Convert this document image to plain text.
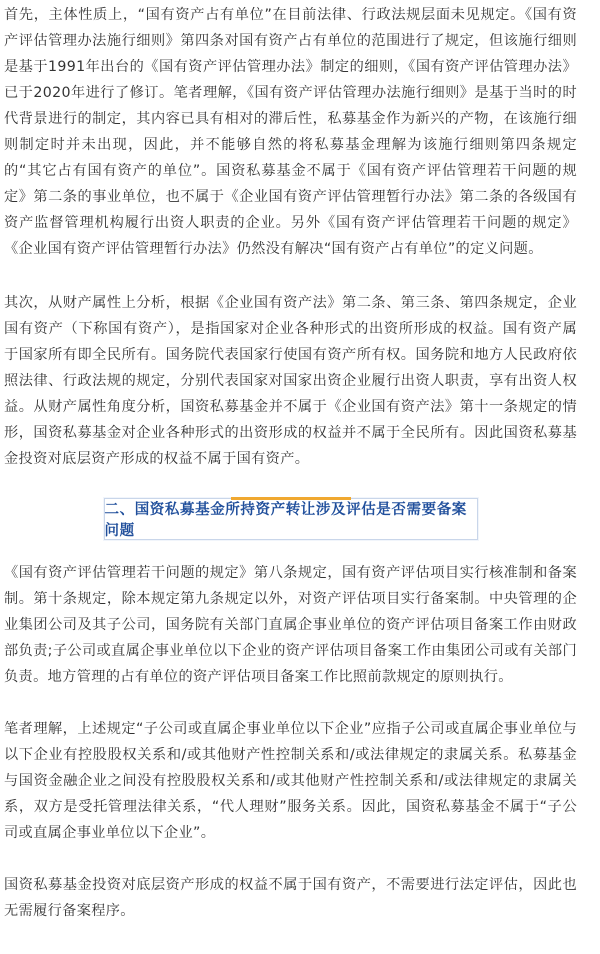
首先，主体性质上，“国有资产占有单位”在目前法律、行政法规层面未见规定。《国有资产评估管理办法施行细则》第四条对国有资产占有单位的范围进行了规定，但该施行细则是基于1991年出台的《国有资产评估管理办法》制定的细则，《国有资产评估管理办法》已于2020年进行了修订。笔者理解，《国有资产评估管理办法施行细则》是基于当时的时代背景进行的制定，其内容已具有相对的滞后性，私募基金作为新兴的产物，在该施行细则制定时并未出现，因此，并不能够自然的将私募基金理解为该施行细则第四条规定的“其它占有国有资产的单位”。国资私募基金不属于《国有资产评估管理若干问题的规定》第二条的事业单位，也不属于《企业国有资产评估管理暂行办法》第二条的各级国有资产监督管理机构履行出资人职责的企业。另外《国有资产评估管理若干问题的规定》《企业国有资产评估管理暂行办法》仍然没有解决“国有资产占有单位”的定义问题。

其次，从财产属性上分析，根据《企业国有资产法》第二条、第三条、第四条规定，企业国有资产（下称国有资产），是指国家对企业各种形式的出资所形成的权益。国有资产属于国家所有即全民所有。国务院代表国家行使国有资产所有权。国务院和地方人民政府依照法律、行政法规的规定，分别代表国家对国家出资企业履行出资人职责，享有出资人权益。从财产属性角度分析，国资私募基金并不属于《企业国有资产法》第十一条规定的情形，国资私募基金对企业各种形式的出资形成的权益并不属于全民所有。因此国资私募基金投资对底层资产形成的权益不属于国有资产。

二、国资私募基金所持资产转让涉及评估是否需要备案问题

《国有资产评估管理若干问题的规定》第八条规定，国有资产评估项目实行核准制和备案制。第十条规定，除本规定第九条规定以外，对资产评估项目实行备案制。中央管理的企业集团公司及其子公司，国务院有关部门直属企事业单位的资产评估项目备案工作由财政部负责;子公司或直属企事业单位以下企业的资产评估项目备案工作由集团公司或有关部门负责。地方管理的占有单位的资产评估项目备案工作比照前款规定的原则执行。

笔者理解，上述规定“子公司或直属企事业单位以下企业”应指子公司或直属企事业单位与以下企业有控股股权关系和/或其他财产性控制关系和/或法律规定的隶属关系。私募基金与国资金融企业之间没有控股股权关系和/或其他财产性控制关系和/或法律规定的隶属关系，双方是受托管理法律关系，“代人理财”服务关系。因此，国资私募基金不属于“子公司或直属企事业单位以下企业”。

国资私募基金投资对底层资产形成的权益不属于国有资产，不需要进行法定评估，因此也无需履行备案程序。
